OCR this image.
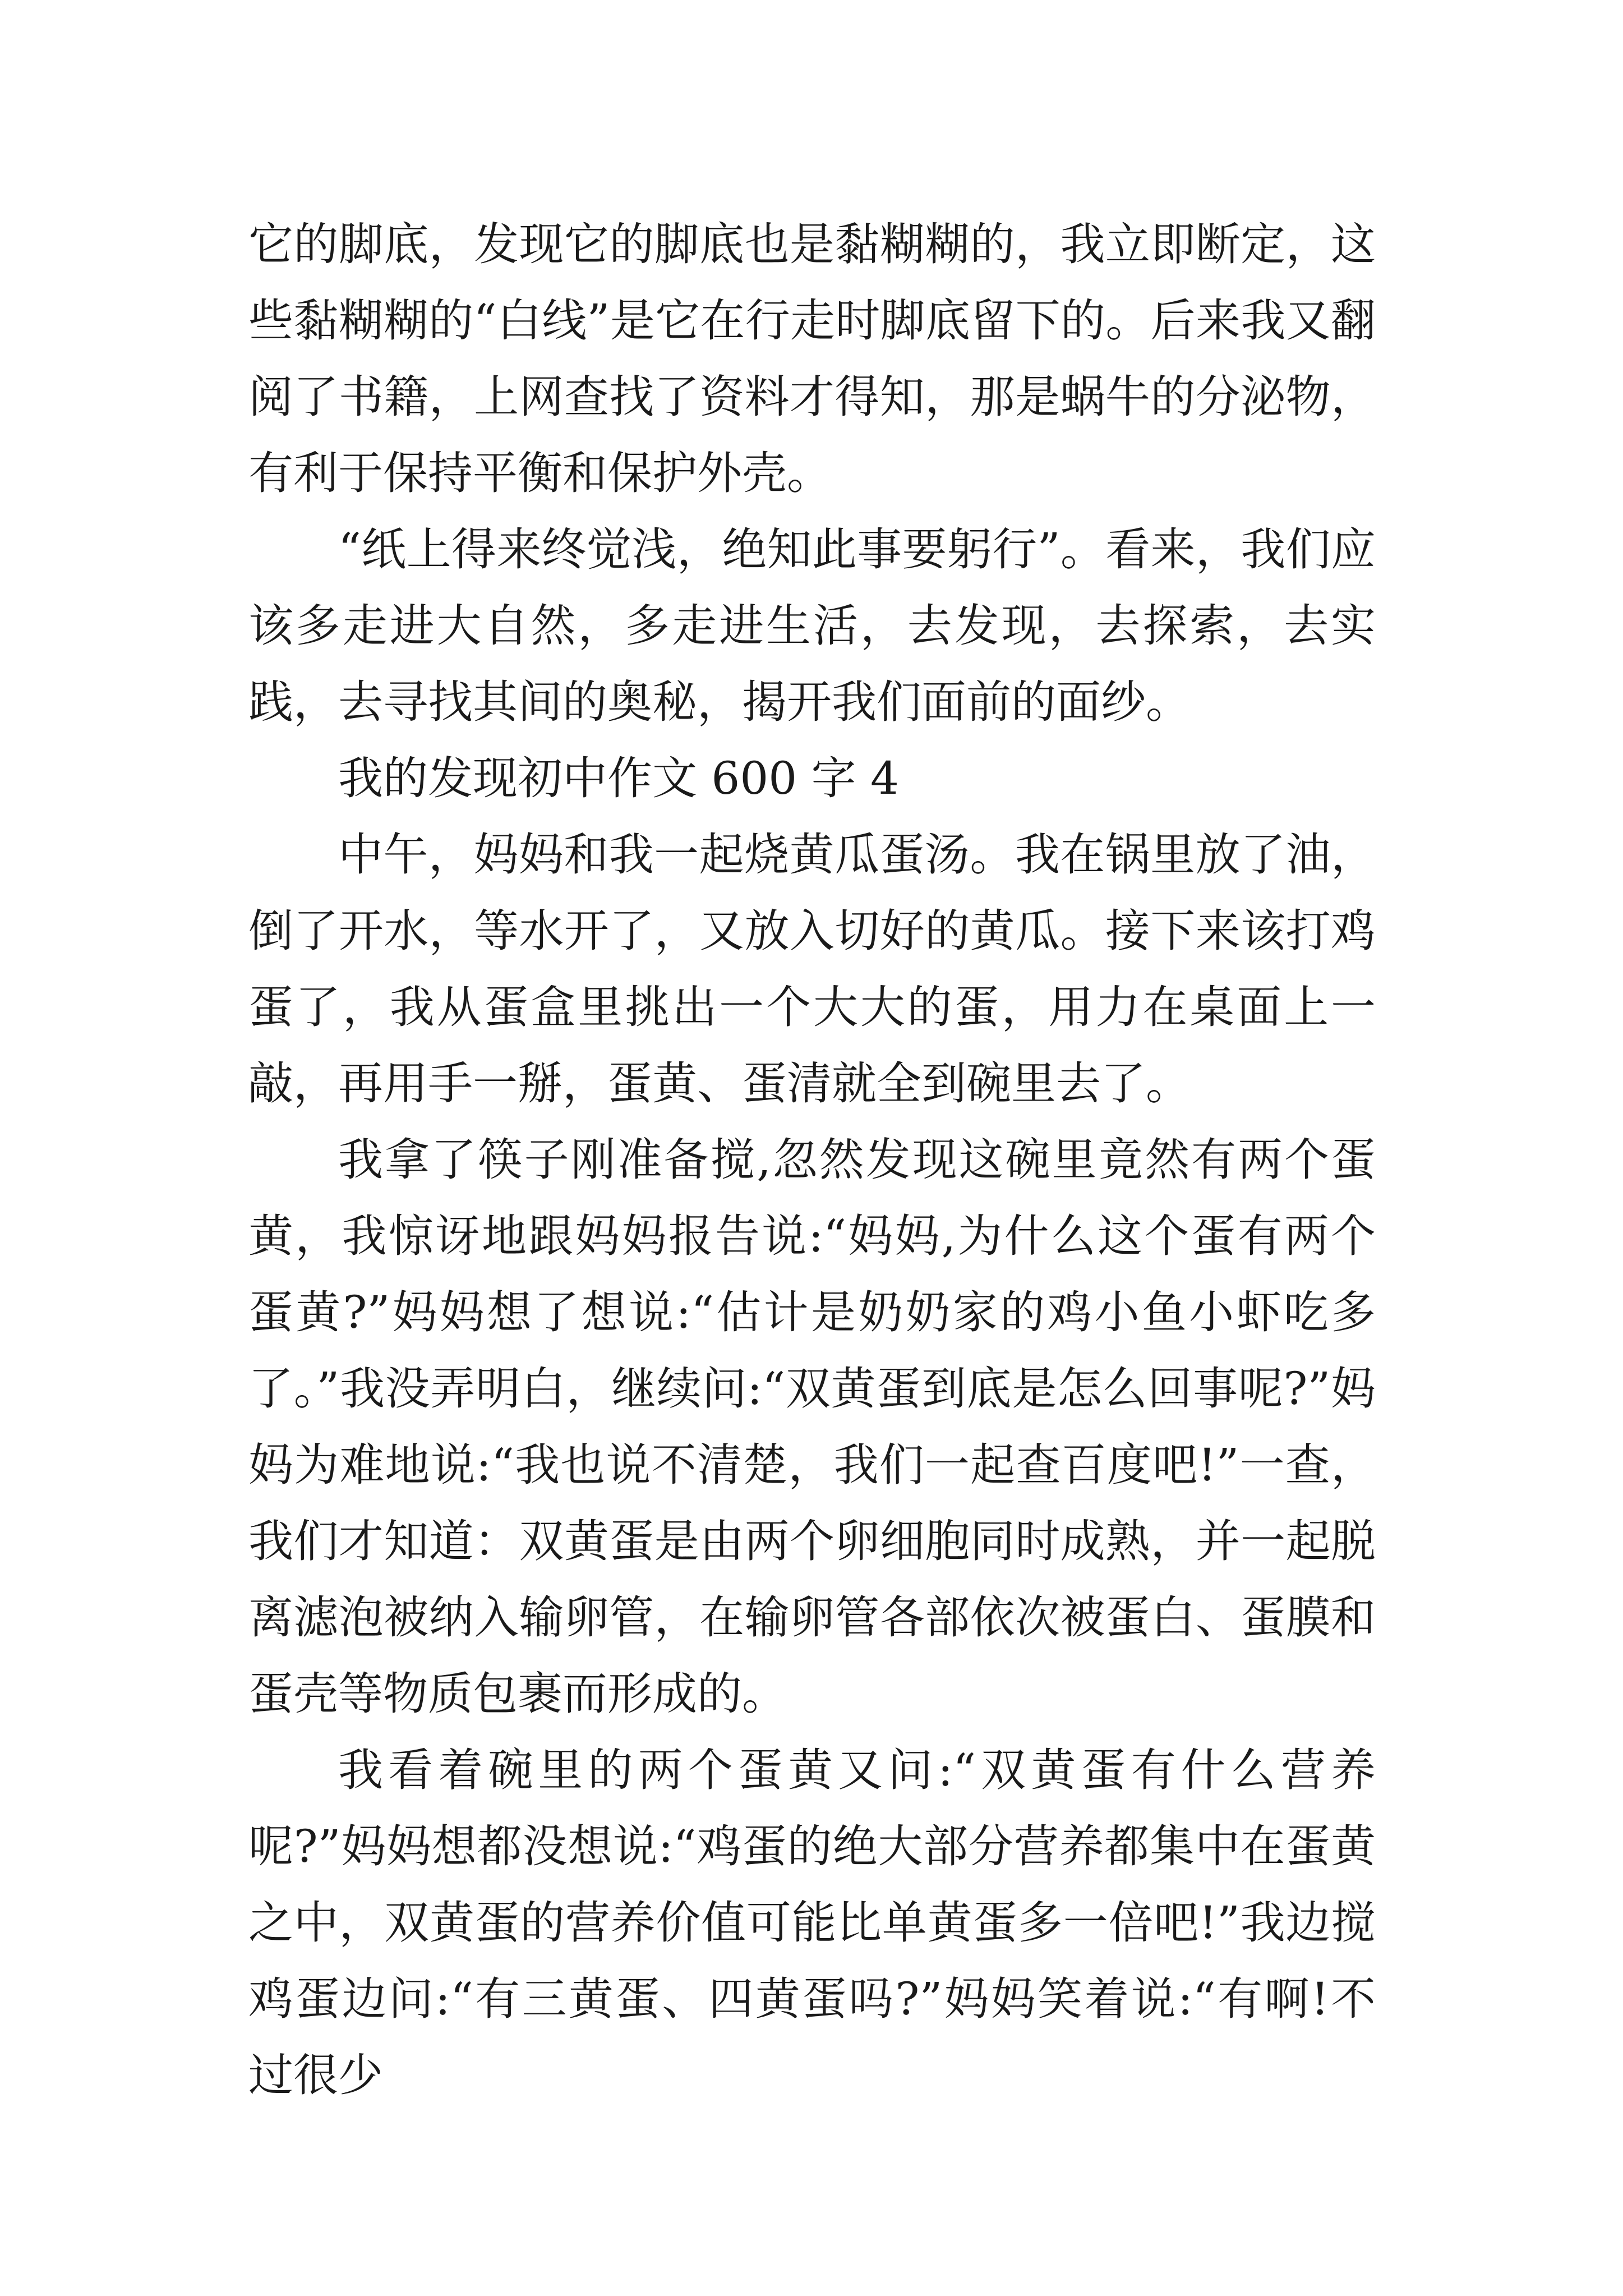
它的脚底，发现它的脚底也是黏糊糊的，我立即断定，这些黏糊糊的“白线”是它在行走时脚底留下的。后来我又翻阅了书籍，上网查找了资料才得知，那是蜗牛的分泌物，有利于保持平衡和保护外壳。

“纸上得来终觉浅，绝知此事要躬行”。看来，我们应该多走进大自然，多走进生活，去发现，去探索，去实践，去寻找其间的奥秘，揭开我们面前的面纱。

我的发现初中作文 600 字 4

中午，妈妈和我一起烧黄瓜蛋汤。我在锅里放了油，倒了开水，等水开了，又放入切好的黄瓜。接下来该打鸡蛋了，我从蛋盒里挑出一个大大的蛋，用力在桌面上一敲，再用手一掰，蛋黄、蛋清就全到碗里去了。

我拿了筷子刚准备搅,忽然发现这碗里竟然有两个蛋黄，我惊讶地跟妈妈报告说:“妈妈,为什么这个蛋有两个蛋黄?”妈妈想了想说:“估计是奶奶家的鸡小鱼小虾吃多了。”我没弄明白，继续问:“双黄蛋到底是怎么回事呢?”妈妈为难地说:“我也说不清楚，我们一起查百度吧!”一查，我们才知道：双黄蛋是由两个卵细胞同时成熟，并一起脱离滤泡被纳入输卵管，在输卵管各部依次被蛋白、蛋膜和蛋壳等物质包裹而形成的。

我看着碗里的两个蛋黄又问:“双黄蛋有什么营养呢?”妈妈想都没想说:“鸡蛋的绝大部分营养都集中在蛋黄之中，双黄蛋的营养价值可能比单黄蛋多一倍吧!”我边搅鸡蛋边问:“有三黄蛋、四黄蛋吗?”妈妈笑着说:“有啊!不过很少
